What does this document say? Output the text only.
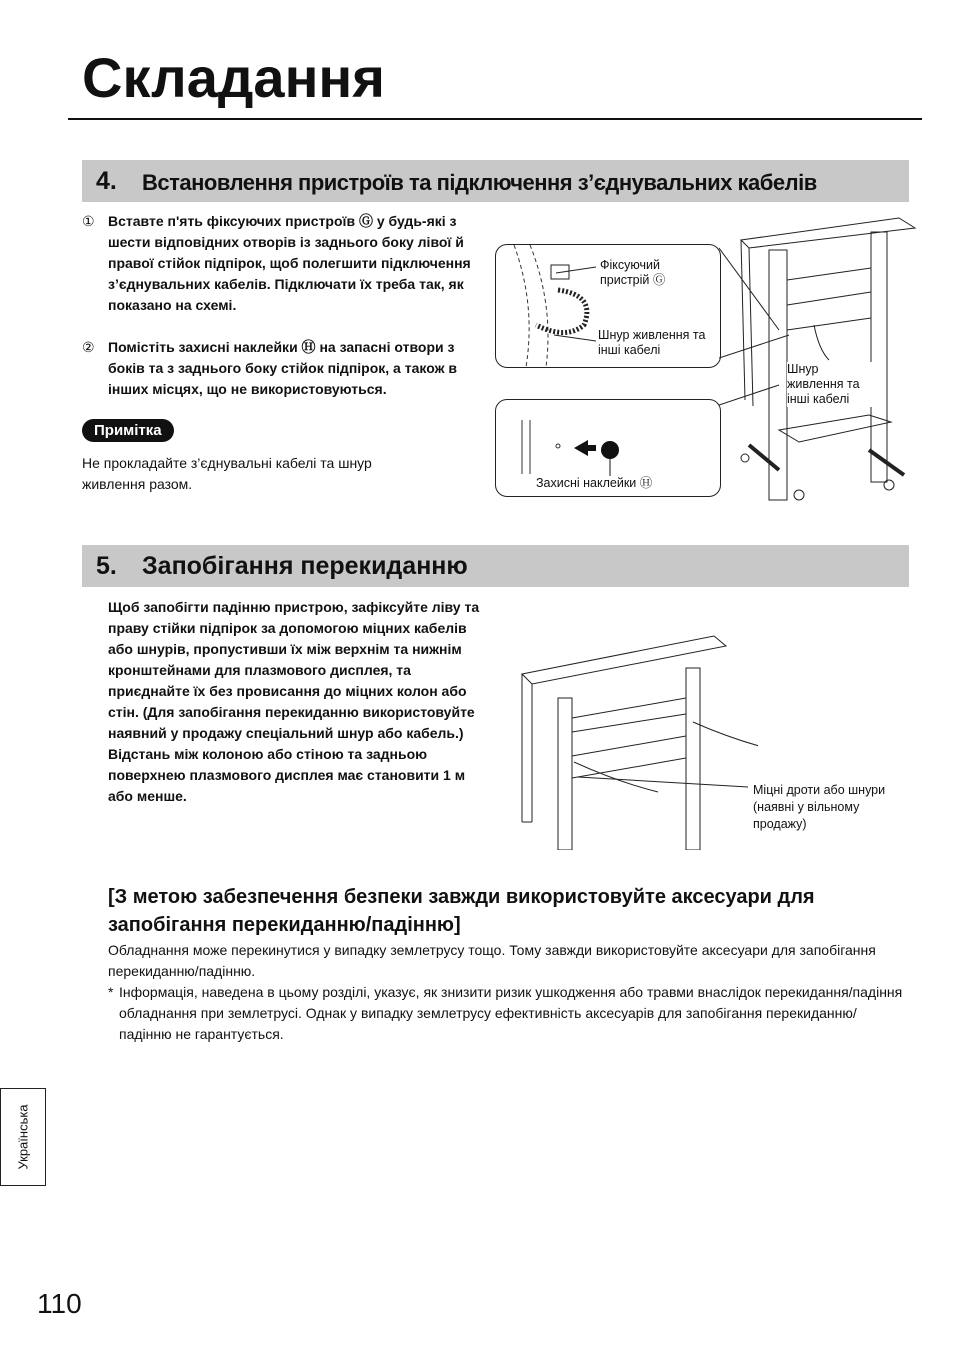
Складання
4. Встановлення пристроїв та підключення з’єднувальних кабелів
① Вставте п'ять фіксуючих пристроїв Ⓖ у будь-які з шести відповідних отворів із заднього боку лівої й правої стійок підпірок, щоб полегшити підключення з’єднувальних кабелів. Підключати їх треба так, як показано на схемі.
② Помістіть захисні наклейки Ⓗ на запасні отвори з боків та з заднього боку стійок підпірок, а також в інших місцях, що не використовуються.
Примітка
Не прокладайте з’єднувальні кабелі та шнур живлення разом.
Фіксуючий пристрій Ⓖ
Шнур живлення та інші кабелі
Захисні наклейки Ⓗ
Шнур живлення та інші кабелі
5. Запобігання перекиданню
Щоб запобігти падінню пристрою, зафіксуйте ліву та праву стійки підпірок за допомогою міцних кабелів або шнурів, пропустивши їх між верхнім та нижнім кронштейнами для плазмового дисплея, та приєднайте їх без провисання до міцних колон або стін. (Для запобігання перекиданню використовуйте наявний у продажу спеціальний шнур або кабель.) Відстань між колоною або стіною та задньою поверхнею плазмового дисплея має становити 1 м або менше.	Міцні дроти або шнури (наявні у вільному продажу)
[З метою забезпечення безпеки завжди використовуйте аксесуари для запобігання перекиданню/падінню]
Обладнання може перекинутися у випадку землетрусу тощо. Тому завжди використовуйте аксесуари для запобігання перекиданню/падінню.
* Інформація, наведена в цьому розділі, указує, як знизити ризик ушкодження або травми внаслідок перекидання/падіння обладнання при землетрусі. Однак у випадку землетрусу ефективність аксесуарів для запобігання перекиданню/падінню не гарантується.
Українська
110
